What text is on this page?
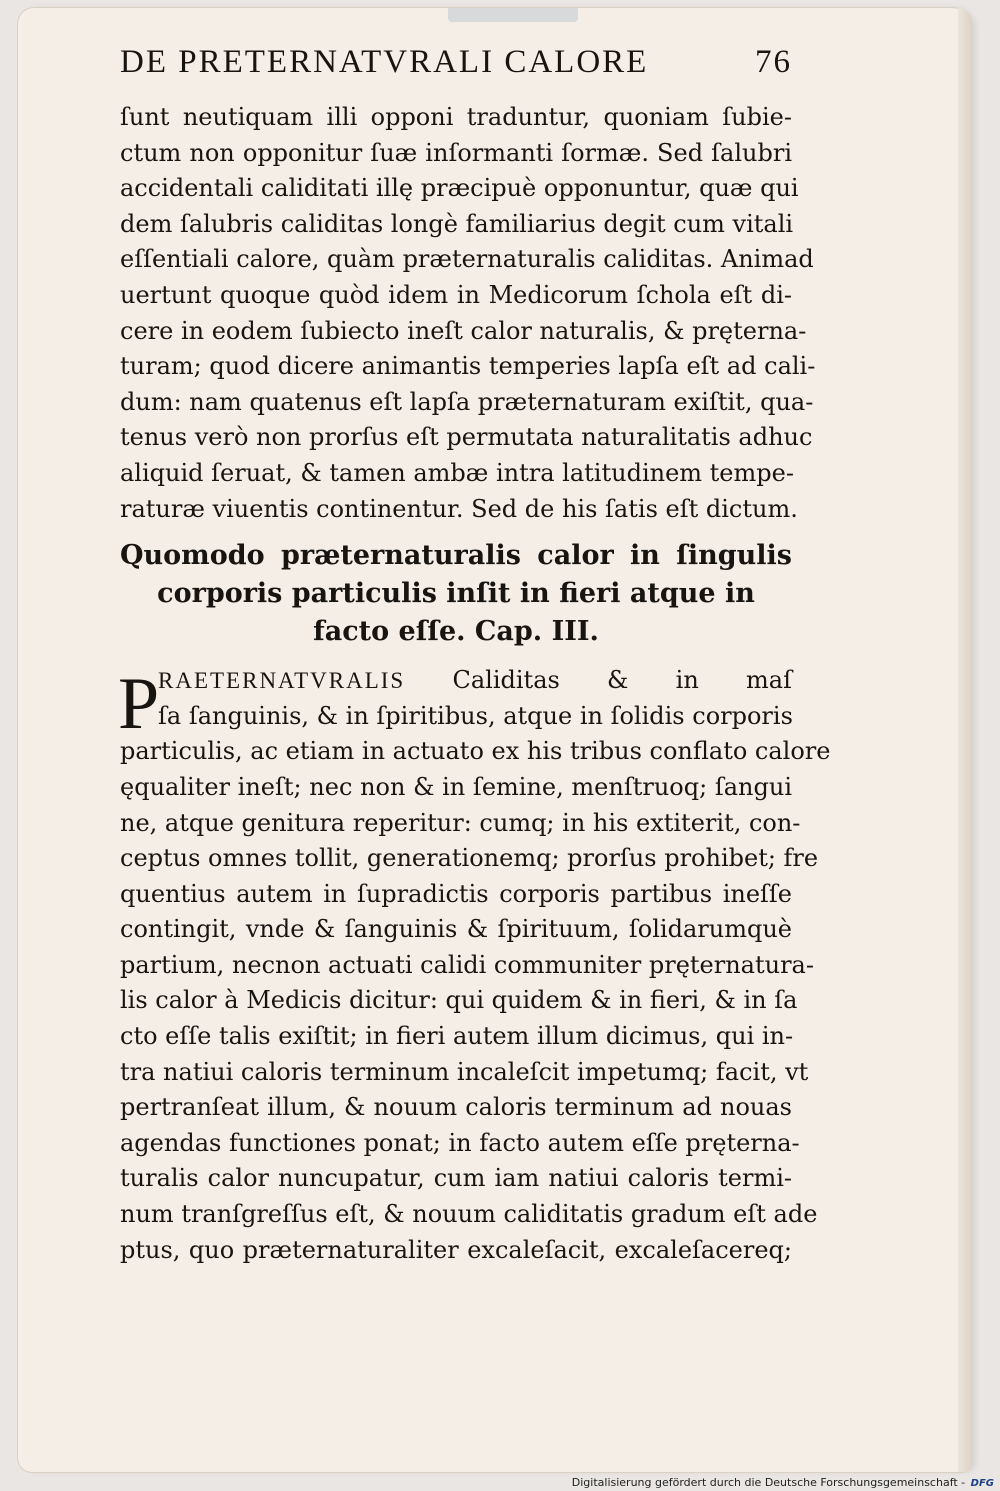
DE PRETERNATVRALI CALORE	76
ſunt neutiquam illi opponi traduntur, quoniam ſubie-
ctum non opponitur ſuæ inſormanti ſormæ. Sed ſalubri
accidentali caliditati illę præcipuè opponuntur, quæ qui
dem ſalubris caliditas longè familiarius degit cum vitali
eſſentiali calore, quàm præternaturalis caliditas. Animad
uertunt quoque quòd idem in Medicorum ſchola eſt di-
cere in eodem ſubiecto ineſt calor naturalis, & pręterna-
turam; quod dicere animantis temperies lapſa eſt ad cali-
dum: nam quatenus eſt lapſa præternaturam exiſtit, qua-
tenus verò non prorſus eſt permutata naturalitatis adhuc
aliquid ſeruat, & tamen ambæ intra latitudinem tempe-
raturæ viuentis continentur. Sed de his ſatis eſt dictum.
Quomodo præternaturalis calor in ſingulis
corporis particulis inſit in fieri atque in
facto eſſe. Cap. III.
P
RAETERNATVRALIS Caliditas & in maſ
ſa ſanguinis, & in ſpiritibus, atque in ſolidis corporis
particulis, ac etiam in actuato ex his tribus conflato calore
ęqualiter ineſt; nec non & in ſemine, menſtruoq; ſangui
ne, atque genitura reperitur: cumq; in his extiterit, con-
ceptus omnes tollit, generationemq; prorſus prohibet; fre
quentius autem in ſupradictis corporis partibus ineſſe
contingit, vnde & ſanguinis & ſpirituum, ſolidarumquè
partium, necnon actuati calidi communiter pręternatura-
lis calor à Medicis dicitur: qui quidem & in fieri, & in ſa
cto eſſe talis exiſtit; in fieri autem illum dicimus, qui in-
tra natiui caloris terminum incaleſcit impetumq; facit, vt
pertranſeat illum, & nouum caloris terminum ad nouas
agendas functiones ponat; in facto autem eſſe pręterna-
turalis calor nuncupatur, cum iam natiui caloris termi-
num tranſgreſſus eſt, & nouum caliditatis gradum eſt ade
ptus, quo præternaturaliter excaleſacit, excaleſacereq;
Digitalisierung gefördert durch die Deutsche Forschungsgemeinschaft - DFG
